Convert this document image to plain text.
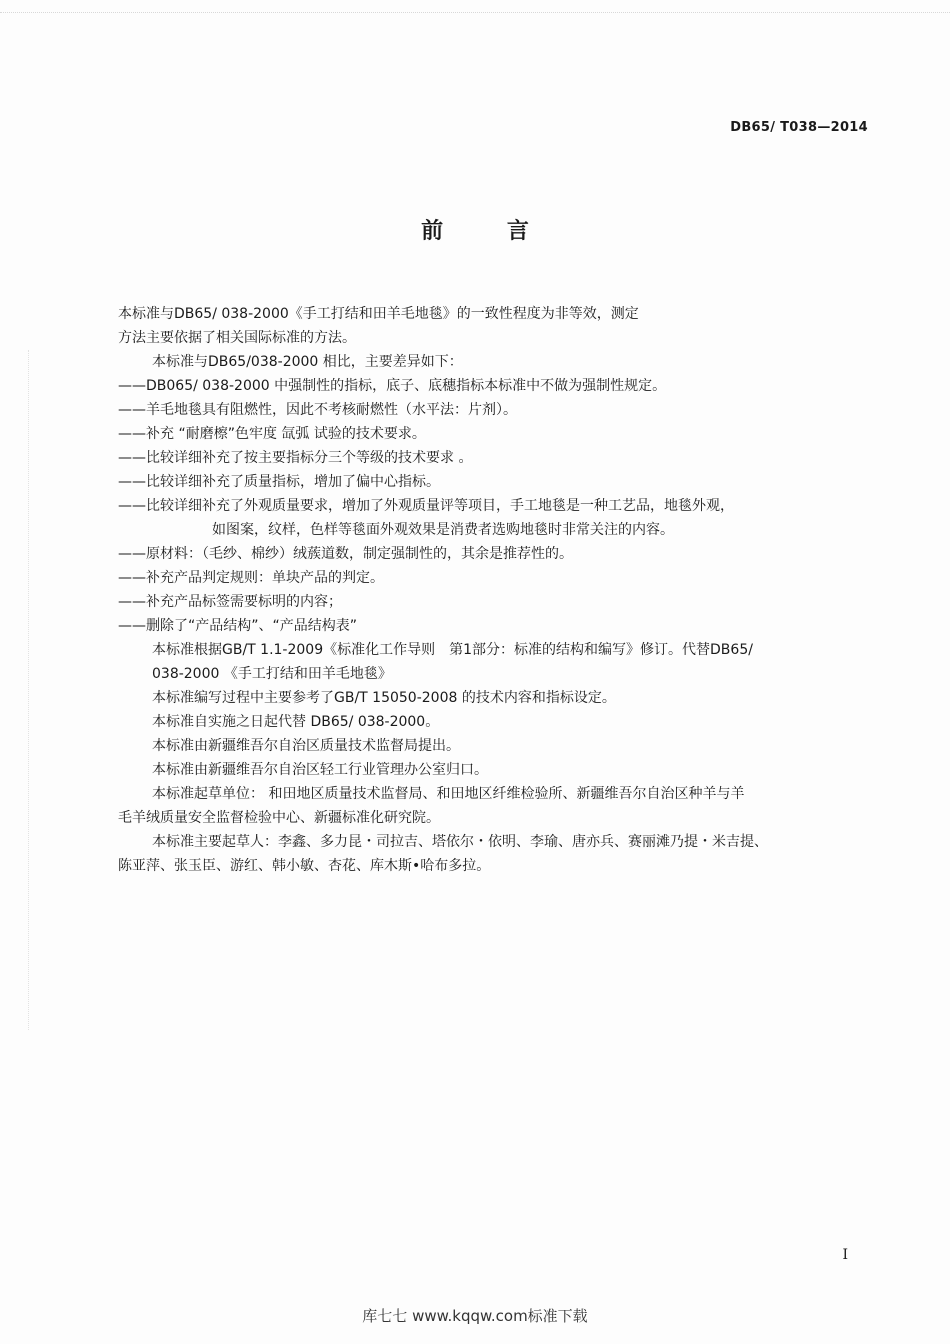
DB65/ T038—2014
前 言

本标准与DB65/ 038-2000《手工打结和田羊毛地毯》的一致性程度为非等效，测定

方法主要依据了相关国际标准的方法。

本标准与DB65/038-2000 相比，主要差异如下：

——DB065/ 038-2000 中强制性的指标，底子、底穗指标本标准中不做为强制性规定。

——羊毛地毯具有阻燃性，因此不考核耐燃性（水平法：片剂）。

——补充 “耐磨檫”色牢度 氙弧 试验的技术要求。

——比较详细补充了按主要指标分三个等级的技术要求 。

——比较详细补充了质量指标，增加了偏中心指标。

——比较详细补充了外观质量要求，增加了外观质量评等项目，手工地毯是一种工艺品，地毯外观，

如图案，纹样，色样等毯面外观效果是消费者选购地毯时非常关注的内容。

——原材料：（毛纱、棉纱）绒蔟道数，制定强制性的，其余是推荐性的。

——补充产品判定规则：单块产品的判定。

——补充产品标签需要标明的内容；

——删除了“产品结构”、“产品结构表”

本标准根据GB/T 1.1-2009《标准化工作导则　第1部分：标准的结构和编写》修订。代替DB65/

038-2000 《手工打结和田羊毛地毯》

本标准编写过程中主要参考了GB/T 15050-2008 的技术内容和指标设定。

本标准自实施之日起代替 DB65/ 038-2000。

本标准由新疆维吾尔自治区质量技术监督局提出。

本标准由新疆维吾尔自治区轻工行业管理办公室归口。

本标准起草单位： 和田地区质量技术监督局、和田地区纤维检验所、新疆维吾尔自治区种羊与羊

毛羊绒质量安全监督检验中心、新疆标准化研究院。

本标准主要起草人：李鑫、多力昆・司拉吉、塔依尔・依明、李瑜、唐亦兵、赛丽滩乃提・米吉提、

陈亚萍、张玉臣、游红、韩小敏、杏花、库木斯•哈布多拉。

I
库七七 www.kqqw.com标准下载
